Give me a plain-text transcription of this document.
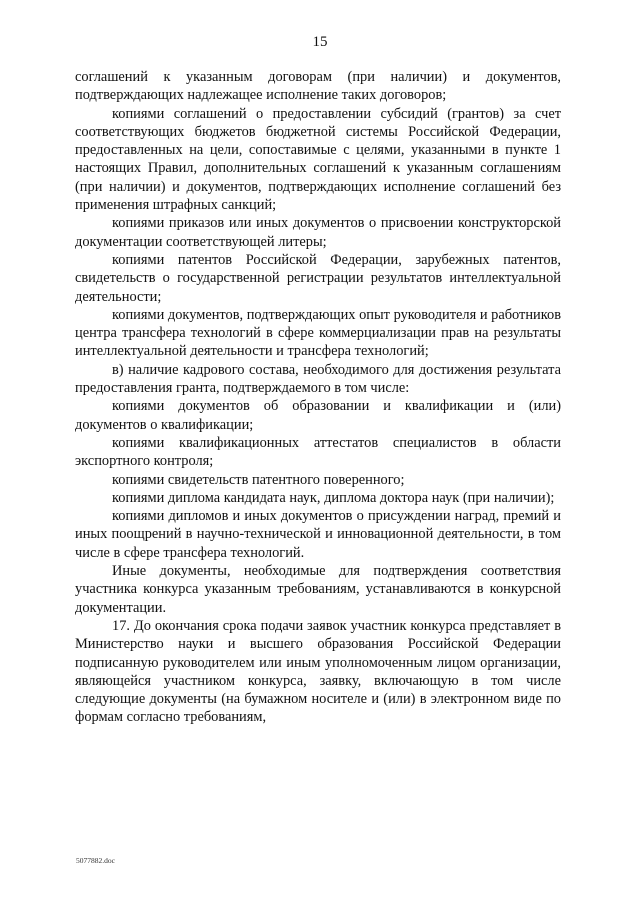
15

соглашений к указанным договорам (при наличии) и документов, подтверждающих надлежащее исполнение таких договоров;

копиями соглашений о предоставлении субсидий (грантов) за счет соответствующих бюджетов бюджетной системы Российской Федерации, предоставленных на цели, сопоставимые с целями, указанными в пункте 1 настоящих Правил, дополнительных соглашений к указанным соглашениям (при наличии) и документов, подтверждающих исполнение соглашений без применения штрафных санкций;

копиями приказов или иных документов о присвоении конструкторской документации соответствующей литеры;

копиями патентов Российской Федерации, зарубежных патентов, свидетельств о государственной регистрации результатов интеллектуальной деятельности;

копиями документов, подтверждающих опыт руководителя и работников центра трансфера технологий в сфере коммерциализации прав на результаты интеллектуальной деятельности и трансфера технологий;

в) наличие кадрового состава, необходимого для достижения результата предоставления гранта, подтверждаемого в том числе:

копиями документов об образовании и квалификации и (или) документов о квалификации;

копиями квалификационных аттестатов специалистов в области экспортного контроля;

копиями свидетельств патентного поверенного;

копиями диплома кандидата наук, диплома доктора наук (при наличии);

копиями дипломов и иных документов о присуждении наград, премий и иных поощрений в научно-технической и инновационной деятельности, в том числе в сфере трансфера технологий.

Иные документы, необходимые для подтверждения соответствия участника конкурса указанным требованиям, устанавливаются в конкурсной документации.

17. До окончания срока подачи заявок участник конкурса представляет в Министерство науки и высшего образования Российской Федерации подписанную руководителем или иным уполномоченным лицом организации, являющейся участником конкурса, заявку, включающую в том числе следующие документы (на бумажном носителе и (или) в электронном виде по формам согласно требованиям,

5077882.doc
